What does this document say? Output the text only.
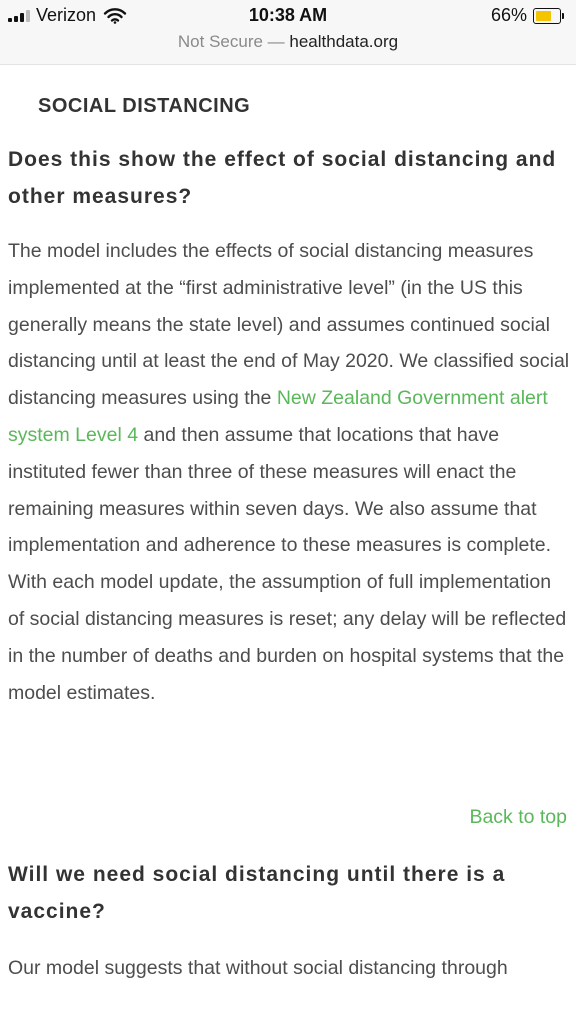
Verizon	10:38 AM	66%
Not Secure — healthdata.org
SOCIAL DISTANCING
Does this show the effect of social distancing and other measures?
The model includes the effects of social distancing measures implemented at the “first administrative level” (in the US this generally means the state level) and assumes continued social distancing until at least the end of May 2020. We classified social distancing measures using the New Zealand Government alert system Level 4 and then assume that locations that have instituted fewer than three of these measures will enact the remaining measures within seven days. We also assume that implementation and adherence to these measures is complete. With each model update, the assumption of full implementation of social distancing measures is reset; any delay will be reflected in the number of deaths and burden on hospital systems that the model estimates.
Back to top
Will we need social distancing until there is a vaccine?
Our model suggests that without social distancing through
